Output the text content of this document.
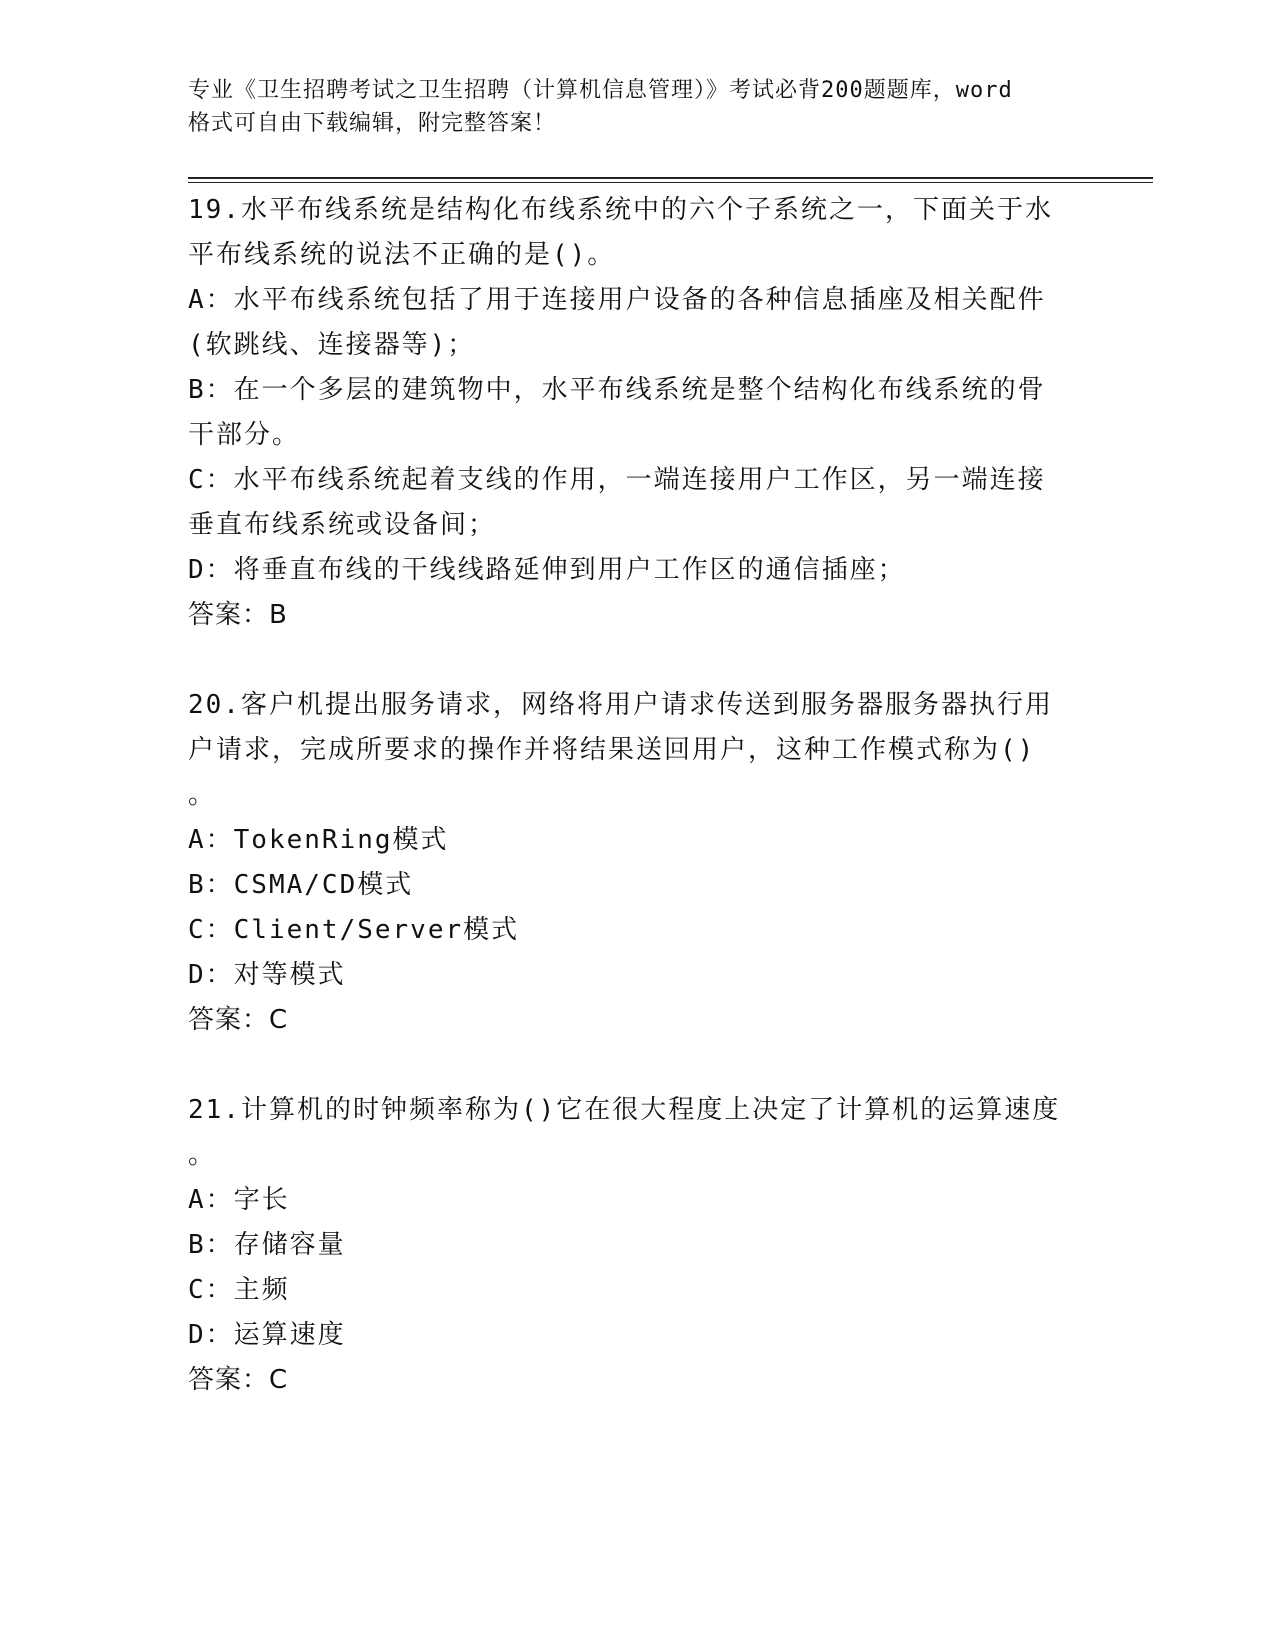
专业《卫生招聘考试之卫生招聘（计算机信息管理）》考试必背200题题库，word
格式可自由下载编辑，附完整答案！

19.水平布线系统是结构化布线系统中的六个子系统之一，下面关于水

平布线系统的说法不正确的是()。

A：水平布线系统包括了用于连接用户设备的各种信息插座及相关配件

(软跳线、连接器等)；

B：在一个多层的建筑物中，水平布线系统是整个结构化布线系统的骨

干部分。

C：水平布线系统起着支线的作用，一端连接用户工作区，另一端连接

垂直布线系统或设备间；

D：将垂直布线的干线线路延伸到用户工作区的通信插座；

答案：B

20.客户机提出服务请求，网络将用户请求传送到服务器服务器执行用

户请求，完成所要求的操作并将结果送回用户，这种工作模式称为()

。

A：TokenRing模式

B：CSMA/CD模式

C：Client/Server模式

D：对等模式

答案：C

21.计算机的时钟频率称为()它在很大程度上决定了计算机的运算速度

。

A：字长

B：存储容量

C：主频

D：运算速度

答案：C
